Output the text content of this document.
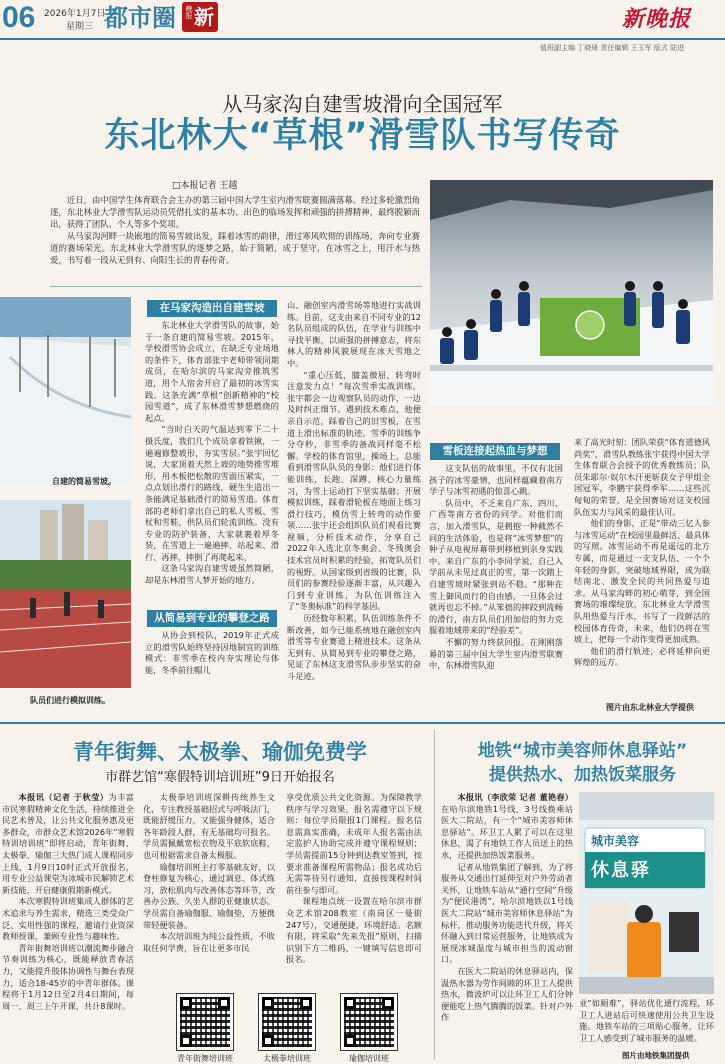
06 2026年1月7日
星期三 都市圈 晚报 新	新晚报
值班副主编 丁晓琦 责任编辑 王玉军 版式 陆进
从马家沟自建雪坡滑向全国冠军
东北林大“草根”滑雪队书写传奇
□本报记者 王越

近日，由中国学生体育联合会主办的第三届中国大学生室内滑雪联赛圆满落幕。经过多轮激烈角逐，东北林业大学滑雪队运动员凭借扎实的基本功、出色的临场发挥和顽强的拼搏精神，最终脱颖而出，获得了团队、个人等多个奖项。

从马家沟河畔一块嵌地的简易雪坡出发，踩着冰雪的韵律，滑过寒风吹彻的训练场，奔向专业赛道的赛场荣光。东北林业大学滑雪队的逐梦之路，始于简陋，成于坚守，在冰雪之上，用汗水与热爱，书写着一段从无到有、向阳生长的青春传奇。

自建的简易雪坡。
队员们进行模拟训练。
在马家沟造出自建雪坡

东北林业大学滑雪队的故事，始于一条自建的简易雪坡。2015年，学校滑雪协会成立，在缺乏专业场地的条件下，体育部张宇老师带领同期成员，在哈尔滨的马家沟旁推筑雪道，用个人宿舍开启了最初的冰雪实践。这条充满“草根”创新精神的“校园雪道”，成了东林滑雪梦想燃烧的起点。

“当时白天的气温达到零下二十摄氏度，我们几个成员拿着铁锹，一遍遍修整坡形，夯实雪层。”张宇回忆说，大家顶着天然上坡的地势推雪堆形，用木板把松散的雪面压紧实，一点点划出滑行的路线，硬生生造出一条能满足基础滑行的简易雪道。体育部的老师们拿出自己的私人雪板、雪杖和雪鞋，供队员们轮流训练。没有专业的防护装备，大家就裹着厚冬装，在雪道上一遍遍摔、站起来、滑行、再摔，摔倒了再爬起来。

这条马家沟自建雪坡虽然简陋，却是东林滑雪人梦开始的地方。

从简易到专业的攀登之路

从协会到校队，2019年正式成立的滑雪队始终坚持因地制宜的训练模式：非雪季在校内夯实理论与体能，冬季前往帽儿

山、融创室内滑雪场等地进行实战训练。目前，这支由来自不同专业的12名队员组成的队伍，在学业与训练中寻找平衡，以顽强的拼搏意志，将东林人的精神风貌展现在冰天雪地之中。

“重心压低，膝盖微屈，转弯时注意发力点！”每次雪季实战训练，张宇都会一边观察队员的动作，一边及时纠正细节。遇到技术难点，他便亲自示范，踩着自己的旧雪板，在雪道上滑出标准的轨迹。雪季的训练争分夺秒，非雪季的备战同样毫不松懈。学校的体育馆里，操场上，总能看到滑雪队队员的身影：他们进行体能训练，长跑、深蹲、核心力量练习，为雪上运动打下坚实基础；开展模拟训练，踩着滑轮板在地面上练习滑行技巧，模仿雪上转弯的动作要领……张宇还会组织队员们观看比赛视频，分析技术动作，分享自己2022年入选北京冬奥会、冬残奥会技术官员时积累的经验，拓宽队员们的视野。从国家级到省级的比赛，队员们的参赛经验逐渐丰富，从兴趣入门到专业训练，为队伍训练注入了“冬奥标准”的科学基因。

历经数年积累，队伍训练条件不断改善，如今已能系统地在融创室内滑雪等专业赛道上精进技术。这条从无到有、从简易到专业的攀登之路，见证了东林这支滑雪队步步坚实的奋斗足迹。

雪板连接起热血与梦想

这支队伍的故事里，不仅有北国孩子的冰雪豪情，也同样蕴藏着南方学子与冰雪初遇的惊喜心跳。

队员中，不乏来自广东、四川、广西等南方省份的同学。对他们而言，加入滑雪队，是拥抱一种截然不同的生活体验，也是将“冰雪梦想”的种子从电视屏幕带到移植到亲身实践中。来自广东的小李同学说，自己入学前从未见过真正的雪，第一次踏上自建雪坡时紧张到站不稳。“那种在雪上御风而行的自由感，一旦体会过就再也忘不掉。”从笨拙的摔跤到流畅的滑行，南方队员们用加倍的努力克服着地域带来的“经验差”。

不懈的努力终获回报。在刚刚落幕的第三届中国大学生室内滑雪联赛中，东林滑雪队迎

来了高光时刻：团队荣获“体育道德风尚奖”，滑雪队教练张宇获得中国大学生体育联合会授予的优秀教练员；队员朱耶尔·奴尔木汗更斩获女子甲组全国冠军，李鹏宇获得季军……这些沉甸甸的荣誉，是全国赛场对这支校园队伍实力与风采的最佳认可。

他们的身影，正是“带动三亿人参与冰雪运动”在校园里最鲜活、最具体的写照。冰雪运动不再是遥远的北方专属，而是通过一支支队伍、一个个年轻的身影，突破地域界限，成为联结南北、激发全民的共同热爱与追求。从马家沟畔的初心萌芽，到全国赛场的璀璨绽放，东北林业大学滑雪队用热爱与汗水，书写了一段鲜活的校园体育传奇，未来，他们仍将在雪坡上，把每一个动作变得更加成熟。

他们的滑行轨迹，必将延伸向更辉煌的远方。

图片由东北林业大学提供
青年街舞、太极拳、瑜伽免费学
市群艺馆“寒假特训培训班”9日开始报名

本报讯（记者 于秋莹）为丰富市民寒假精神文化生活，持续推进全民艺术普及，让公共文化服务惠及更多群众，市群众艺术馆2026年“寒假特训培训班”即将启动，青年街舞、太极拳、瑜伽三大热门成人课程同步上线，1月9日10时正式开放报名，用专业公益课堂为冰城市民解锁艺术新技能，开启健康假期新模式。

本次寒假特训班集成人群体的艺术追求与养生需求，精选三类受众广泛、实用性强的课程，邀请行业资深教师授课，兼顾专业性与趣味性。

青年街舞培训班以潮流舞步融合节奏训练为核心，既能释放青春活力，又能提升肢体协调性与舞台表现力，适合18-45岁的中青年群体。课程将于1月12日至2月4日期间，每周一、周三上午开课，共计8课时。

太极拳培训班深耕传统养生文化，专注教授基础招式与呼吸法门，既能舒缓压力，又能强身健体，适合各年龄段人群，有无基础均可报名。学员需佩戴宽松衣物及平底软底鞋，也可根据需求自备太极服。

瑜伽培训班主打零基础友好，以脊柱修复为核心，通过调息、体式练习，放松肌肉与改善体态等环节，改善办公族、久坐人群的亚健康状态。学员需自备瑜伽服、瑜伽垫，方便携带轻便装备。

本次培训班为纯公益性质，不收取任何学费，旨在让更多市民

享受优质公共文化资源。为保障教学秩序与学习效果，报名需遵守以下规则：每位学员限报1门课程。报名信息需真实准确，未成年人报名需由法定监护人协助完成并遵守课程规则；学员需提前15分钟到达教室签到，按要求准备课程所需物品；报名成功后无需等待另行通知，直接按课程时间前往参与即可。

课程地点统一设置在哈尔滨市群众艺术馆208教室（南岗区一曼街247号），交通便捷，环境舒适。名额有限，将采取“先来先报”原则，扫描识别下方二维码，一键填写信息即可报名。

青年街舞培训班	太极拳培训班	瑜伽培训班
地铁“城市美容师休息驿站”
提供热水、加热饭菜服务

本报讯（李欣荣 记者 董艳春）在哈尔滨地铁1号线、3号线换乘站医大二院站，有一个“城市美容师休息驿站”。环卫工人累了可以在这里休息，渴了有地铁工作人员送上的热水，还提供加热饭菜服务。

记者从地铁集团了解到，为了将服务从交通出行延伸至对户外劳动者关怀，让地铁车站从“通行空间”升级为“便民港湾”，哈尔滨地铁以1号线医大二院站“城市美容师休息驿站”为标杆，推动服务功能迭代升级，将关怀融入到日常运营服务，让地铁成为展现冰城温度与城市担当的流动窗口。

在医大二院站的休息驿站内，保温热水器为劳作间隙的环卫工人提供热水，微波炉可以让环卫工人们分钟便能吃上热气腾腾的饭菜。针对户外作

城市美容
休息驿

业“如厕难”，驿站优化通行流程，环卫工人进站后可快速使用公共卫生设施。地铁车站的三项贴心服务，让环卫工人感受到了城市服务的温暖。

图片由地铁集团提供
